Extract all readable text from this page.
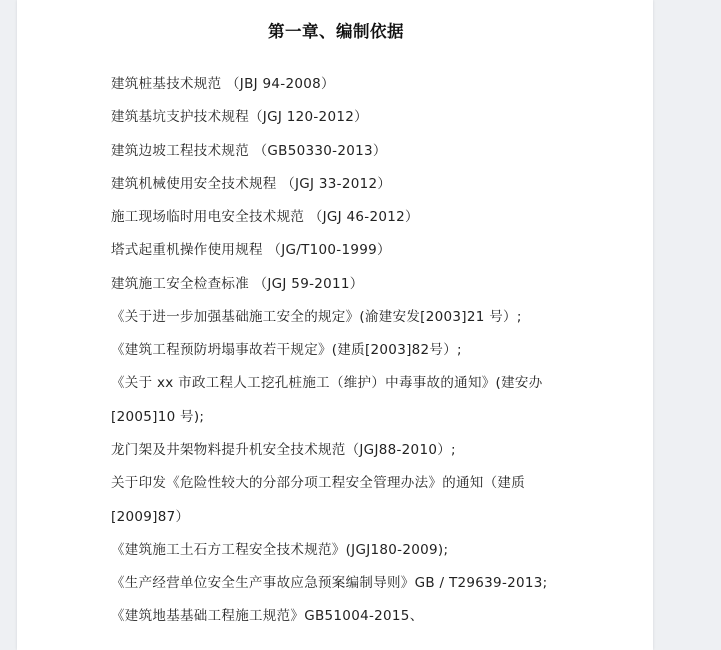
第一章、编制依据
建筑桩基技术规范 （JBJ 94-2008）
建筑基坑支护技术规程（JGJ 120-2012）
建筑边坡工程技术规范 （GB50330-2013）
建筑机械使用安全技术规程 （JGJ 33-2012）
施工现场临时用电安全技术规范 （JGJ 46-2012）
塔式起重机操作使用规程 （JG/T100-1999）
建筑施工安全检查标准 （JGJ 59-2011）
《关于进一步加强基础施工安全的规定》(渝建安发[2003]21 号）;
《建筑工程预防坍塌事故若干规定》(建质[2003]82号）;
《关于 xx 市政工程人工挖孔桩施工（维护）中毒事故的通知》(建安办
[2005]10 号);
龙门架及井架物料提升机安全技术规范（JGJ88-2010）;
关于印发《危险性较大的分部分项工程安全管理办法》的通知（建质
[2009]87）
《建筑施工土石方工程安全技术规范》(JGJ180-2009);
《生产经营单位安全生产事故应急预案编制导则》GB / T29639-2013;
《建筑地基基础工程施工规范》GB51004-2015、
